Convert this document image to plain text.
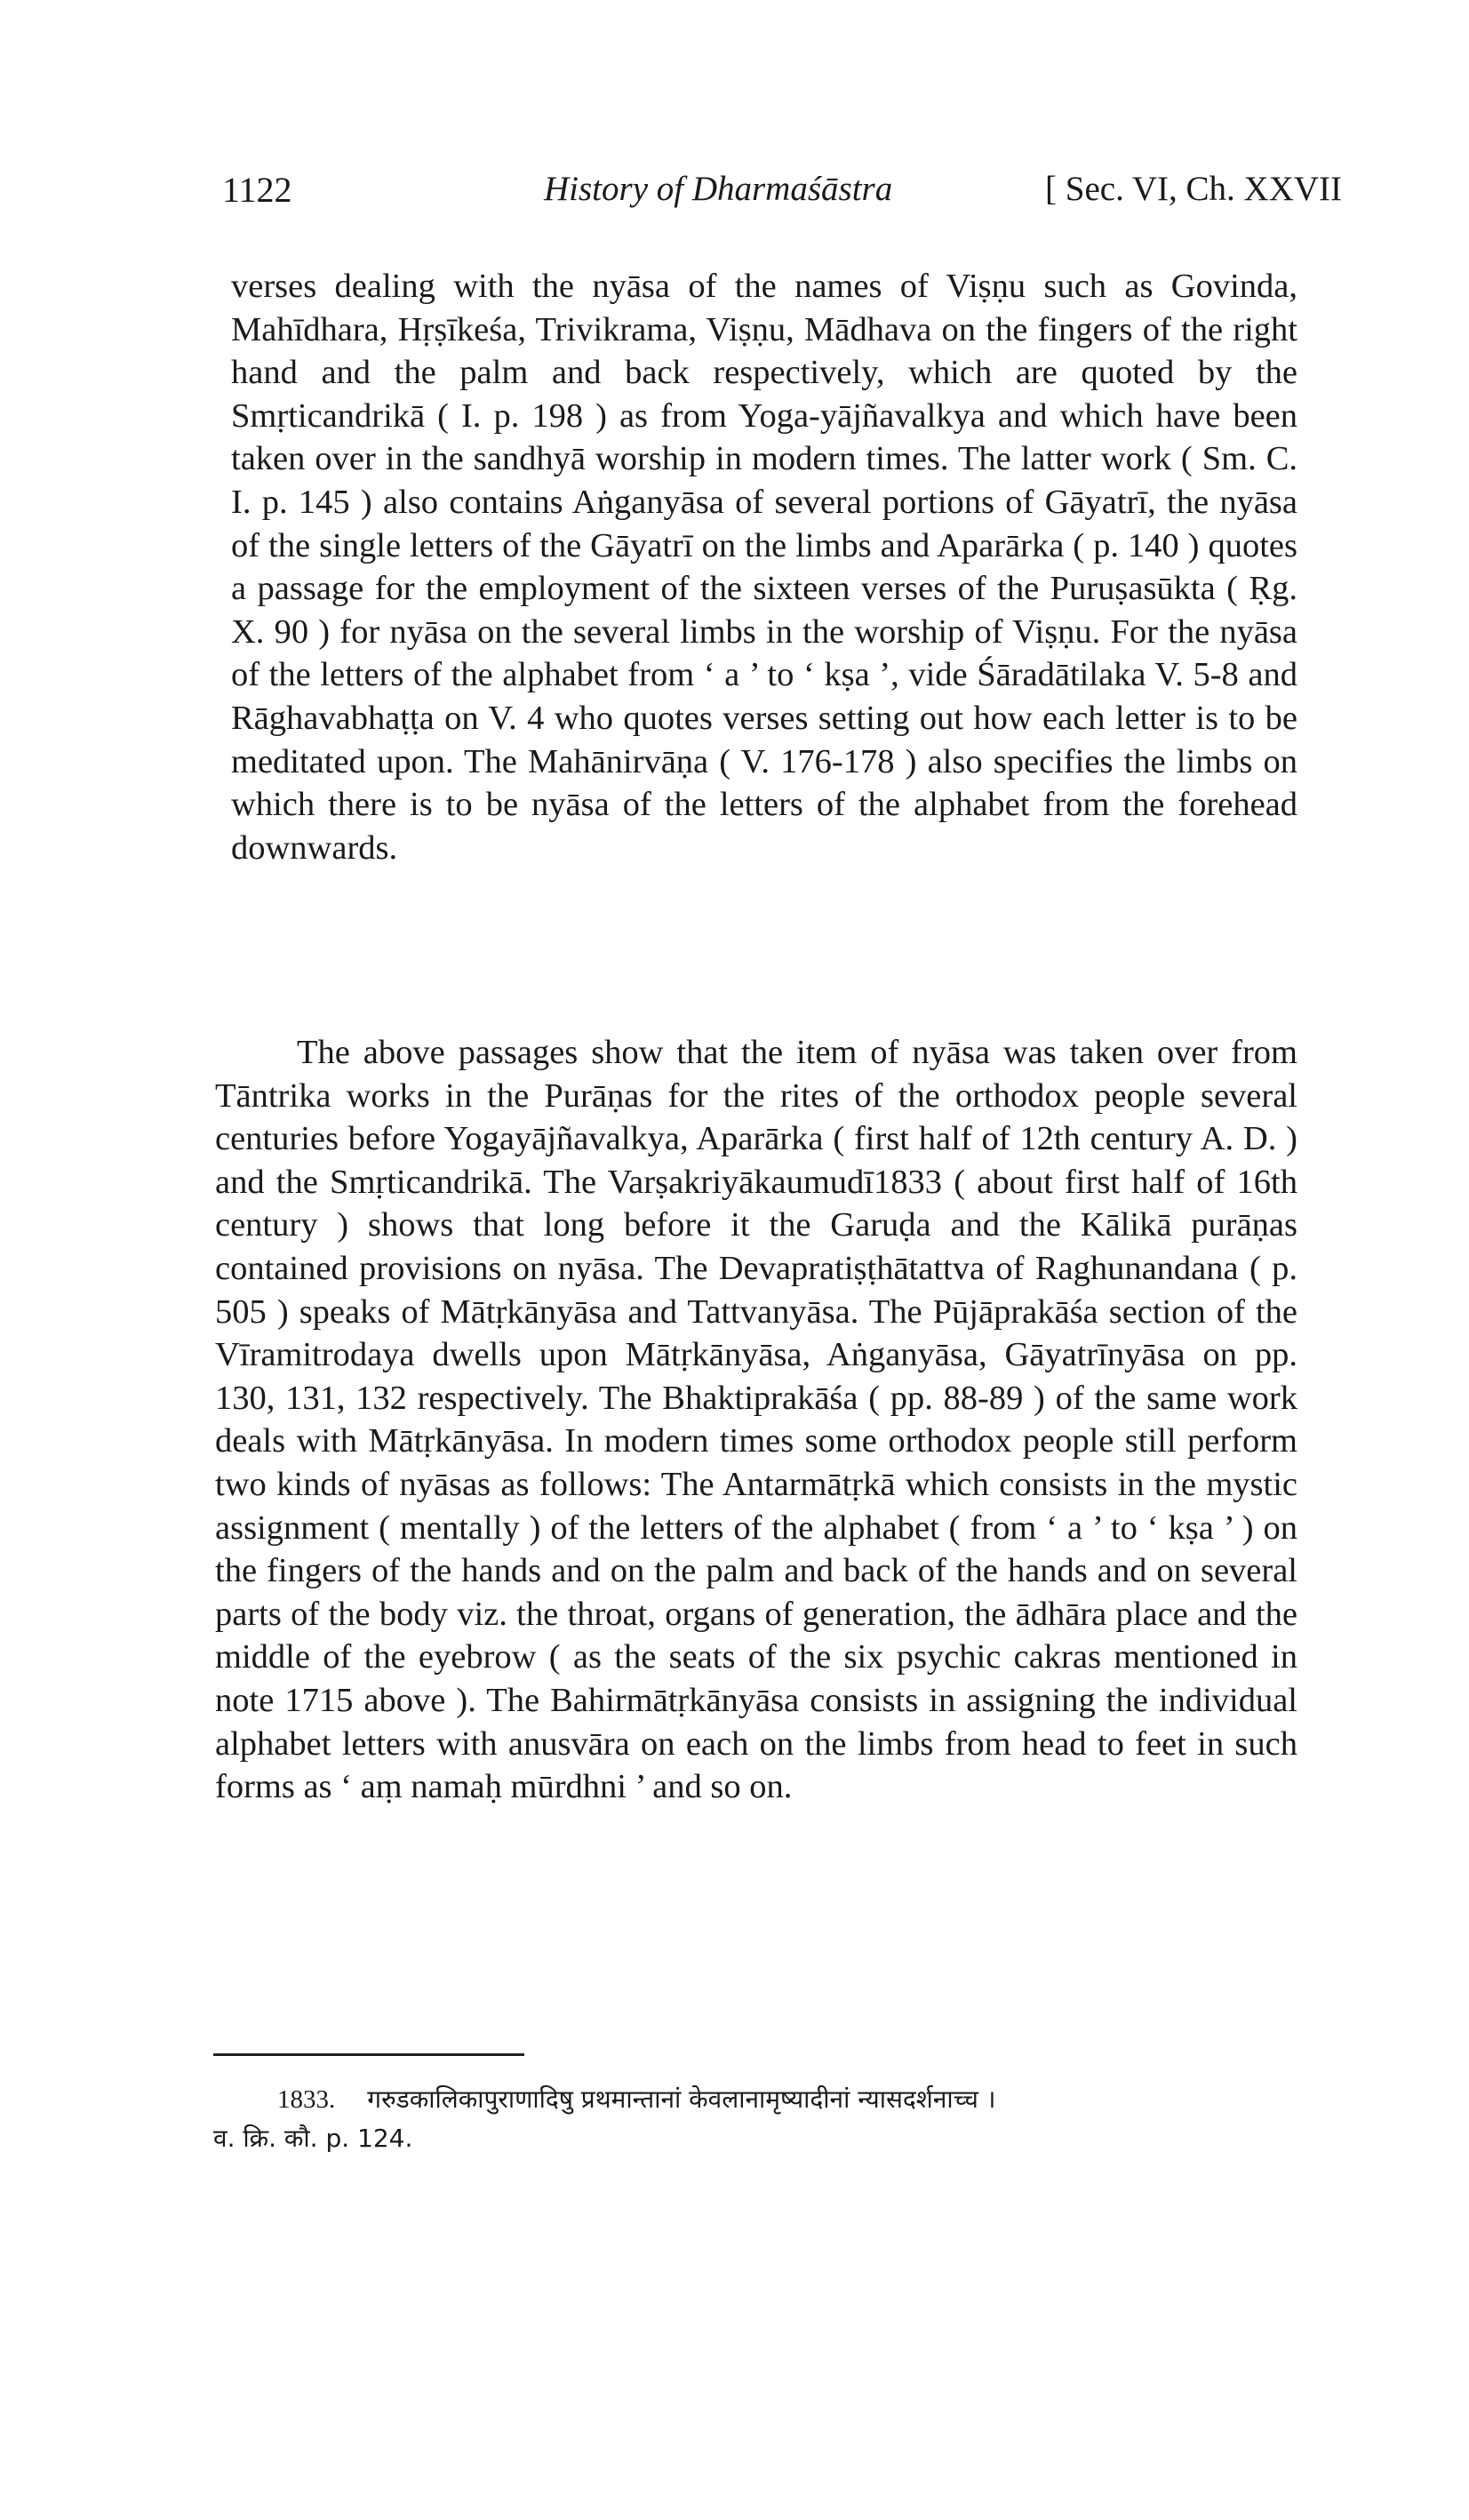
1122	History of Dharmaśāstra	[ Sec. VI, Ch. XXVII

verses dealing with the nyāsa of the names of Viṣṇu such as Govinda, Mahīdhara, Hṛṣīkeśa, Trivikrama, Viṣṇu, Mādhava on the fingers of the right hand and the palm and back respectively, which are quoted by the Smṛticandrikā ( I. p. 198 ) as from Yoga-yājñavalkya and which have been taken over in the sandhyā worship in modern times. The latter work ( Sm. C. I. p. 145 ) also contains Aṅganyāsa of several portions of Gāyatrī, the nyāsa of the single letters of the Gāyatrī on the limbs and Aparārka ( p. 140 ) quotes a passage for the employment of the sixteen verses of the Puruṣasūkta ( Ṛg. X. 90 ) for nyāsa on the several limbs in the worship of Viṣṇu. For the nyāsa of the letters of the alphabet from ‘ a ’ to ‘ kṣa ’, vide Śāradātilaka V. 5-8 and Rāghavabhaṭṭa on V. 4 who quotes verses setting out how each letter is to be meditated upon. The Mahānirvāṇa ( V. 176-178 ) also specifies the limbs on which there is to be nyāsa of the letters of the alphabet from the forehead downwards.

The above passages show that the item of nyāsa was taken over from Tāntrika works in the Purāṇas for the rites of the orthodox people several centuries before Yogayājñavalkya, Aparārka ( first half of 12th century A. D. ) and the Smṛticandrikā. The Varṣakriyākaumudī1833 ( about first half of 16th century ) shows that long before it the Garuḍa and the Kālikā purāṇas contained provisions on nyāsa. The Devapratiṣṭhātattva of Raghunandana ( p. 505 ) speaks of Mātṛkānyāsa and Tattvanyāsa. The Pūjāprakāśa section of the Vīramitrodaya dwells upon Mātṛkānyāsa, Aṅganyāsa, Gāyatrīnyāsa on pp. 130, 131, 132 respectively. The Bhaktiprakāśa ( pp. 88-89 ) of the same work deals with Mātṛkānyāsa. In modern times some orthodox people still perform two kinds of nyāsas as follows: The Antarmātṛkā which consists in the mystic assignment ( mentally ) of the letters of the alphabet ( from ‘ a ’ to ‘ kṣa ’ ) on the fingers of the hands and on the palm and back of the hands and on several parts of the body viz. the throat, organs of generation, the ādhāra place and the middle of the eyebrow ( as the seats of the six psychic cakras mentioned in note 1715 above ). The Bahirmātṛkānyāsa consists in assigning the individual alphabet letters with anusvāra on each on the limbs from head to feet in such forms as ‘ aṃ namaḥ mūrdhni ’ and so on.

1833. गरुडकालिकापुराणादिषु प्रथमान्तानां केवलानामृष्यादीनां न्यासदर्शनाच्च ।
व. क्रि. कौ. p. 124.
